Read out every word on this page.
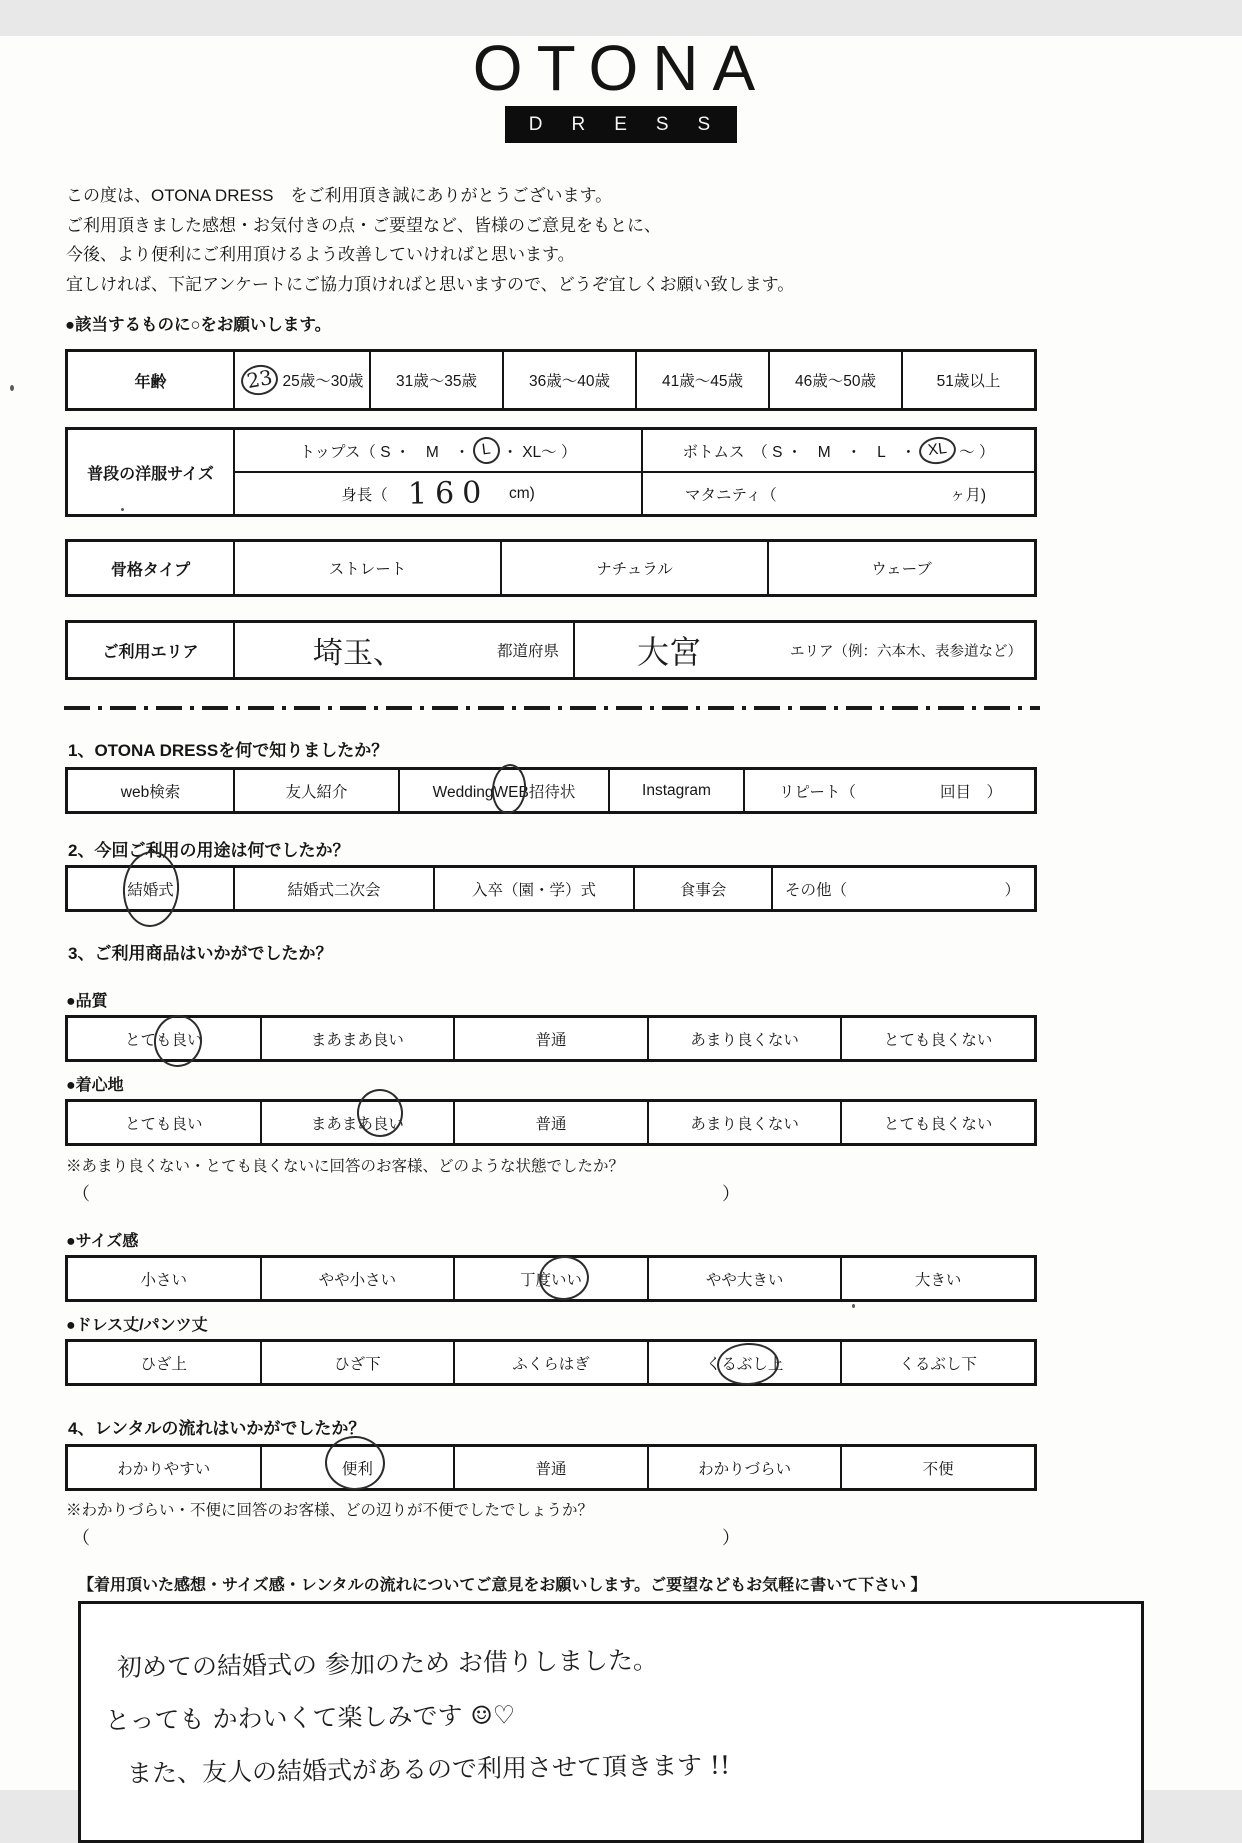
OTONA
DRESS
この度は、OTONA DRESS　をご利用頂き誠にありがとうございます。
ご利用頂きました感想・お気付きの点・ご要望など、皆様のご意見をもとに、
今後、より便利にご利用頂けるよう改善していければと思います。
宜しければ、下記アンケートにご協力頂ければと思いますので、どうぞ宜しくお願い致します。
●該当するものに○をお願いします。
年齢	23 25歳～30歳	31歳～35歳	36歳～40歳	41歳～45歳	46歳～50歳	51歳以上
普段の洋服サイズ
トップス（ S ・　M　・ L ・ XL～ ）	ボトムス　（ S ・　M　・　L　・ XL ～ ）
身長（ 160 cm)	マタニティ（	ヶ月)
骨格タイプ	ストレート	ナチュラル	ウェーブ
ご利用エリア	埼玉、	都道府県 大宮	エリア（例：六本木、表参道など）
1、OTONA DRESSを何で知りましたか？
web検索	友人紹介	WeddingWEB招待状	Instagram	リピート（	回目　）
2、今回ご利用の用途は何でしたか？
結婚式	結婚式二次会	入卒（園・学）式	食事会	その他（	）
3、ご利用商品はいかがでしたか？
●品質
とても良い	まあまあ良い	普通	あまり良くない	とても良くない
●着心地
とても良い	まあまあ良い	普通	あまり良くない	とても良くない
※あまり良くない・とても良くないに回答のお客様、どのような状態でしたか？
（	）
●サイズ感
小さい	やや小さい	丁度いい	やや大きい	大きい
●ドレス丈/パンツ丈
ひざ上	ひざ下	ふくらはぎ	くるぶし上	くるぶし下
4、レンタルの流れはいかがでしたか？
わかりやすい	便利	普通	わかりづらい	不便
※わかりづらい・不便に回答のお客様、どの辺りが不便でしたでしょうか？
（	）
【着用頂いた感想・サイズ感・レンタルの流れについてご意見をお願いします。ご要望などもお気軽に書いて下さい 】
初めての結婚式の 参加のため お借りしました。
とっても かわいくて楽しみです ☺♡
また、友人の結婚式があるので利用させて頂きます !!
